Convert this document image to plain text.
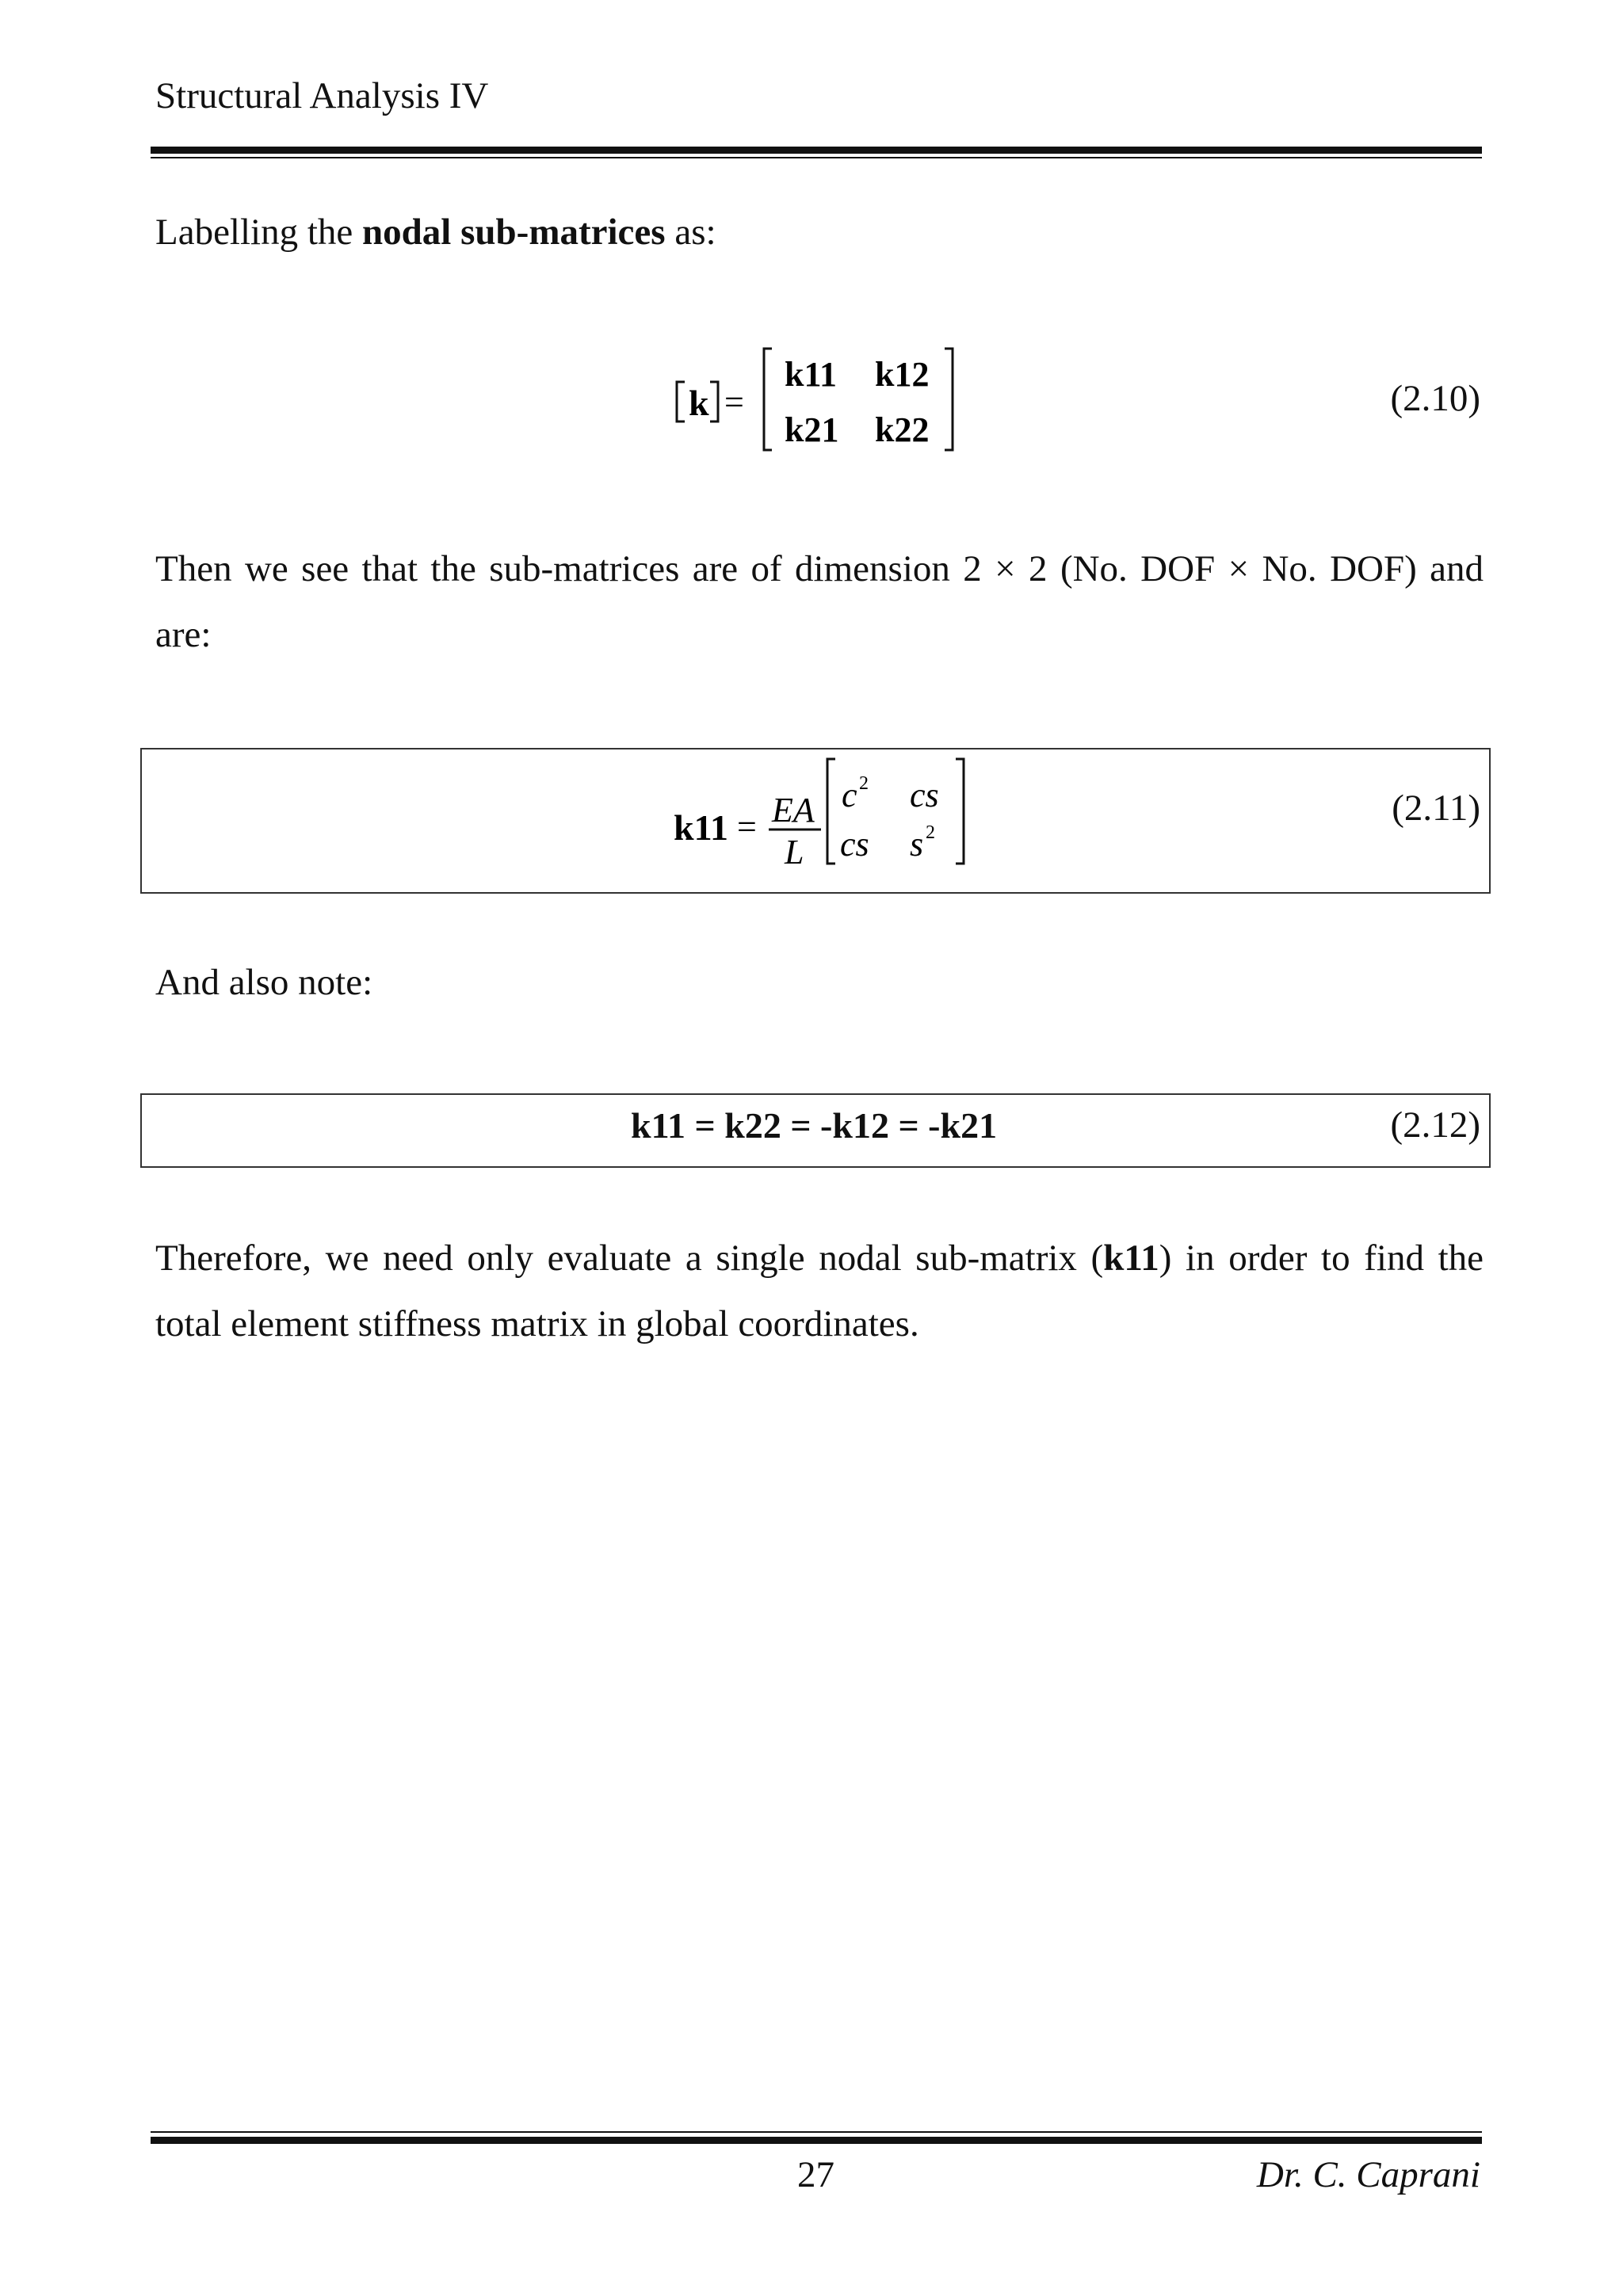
Structural Analysis IV
Labelling the nodal sub-matrices as:
k =
k11 k12
k21 k22
(2.10)
Then we see that the sub-matrices are of dimension 2 × 2 (No. DOF × No. DOF) and are:
k11 = EA
L
c 2 cs
cs s 2
(2.11)
And also note:
k11 = k22 = -k12 = -k21	(2.12)
Therefore, we need only evaluate a single nodal sub-matrix (k11) in order to find the total element stiffness matrix in global coordinates.
27	Dr. C. Caprani
